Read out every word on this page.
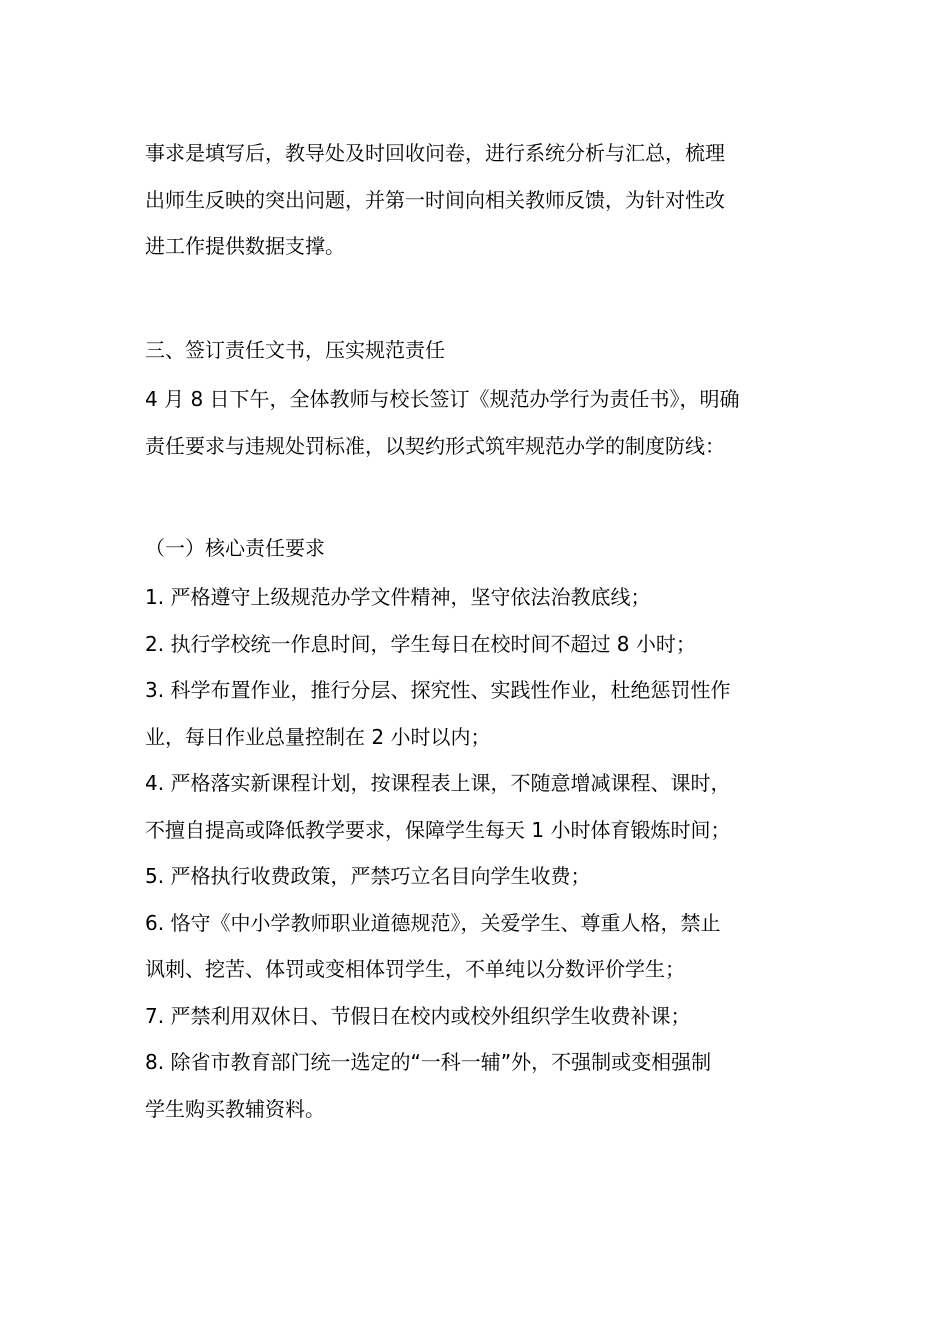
事求是填写后，教导处及时回收问卷，进行系统分析与汇总，梳理
出师生反映的突出问题，并第一时间向相关教师反馈，为针对性改
进工作提供数据支撑。
三、签订责任文书，压实规范责任
4 月 8 日下午，全体教师与校长签订《规范办学行为责任书》，明确
责任要求与违规处罚标准，以契约形式筑牢规范办学的制度防线：
（一）核心责任要求
1. 严格遵守上级规范办学文件精神，坚守依法治教底线；
2. 执行学校统一作息时间，学生每日在校时间不超过 8 小时；
3. 科学布置作业，推行分层、探究性、实践性作业，杜绝惩罚性作
业，每日作业总量控制在 2 小时以内；
4. 严格落实新课程计划，按课程表上课，不随意增减课程、课时，
不擅自提高或降低教学要求，保障学生每天 1 小时体育锻炼时间；
5. 严格执行收费政策，严禁巧立名目向学生收费；
6. 恪守《中小学教师职业道德规范》，关爱学生、尊重人格，禁止
讽刺、挖苦、体罚或变相体罚学生，不单纯以分数评价学生；
7. 严禁利用双休日、节假日在校内或校外组织学生收费补课；
8. 除省市教育部门统一选定的“一科一辅”外，不强制或变相强制
学生购买教辅资料。
